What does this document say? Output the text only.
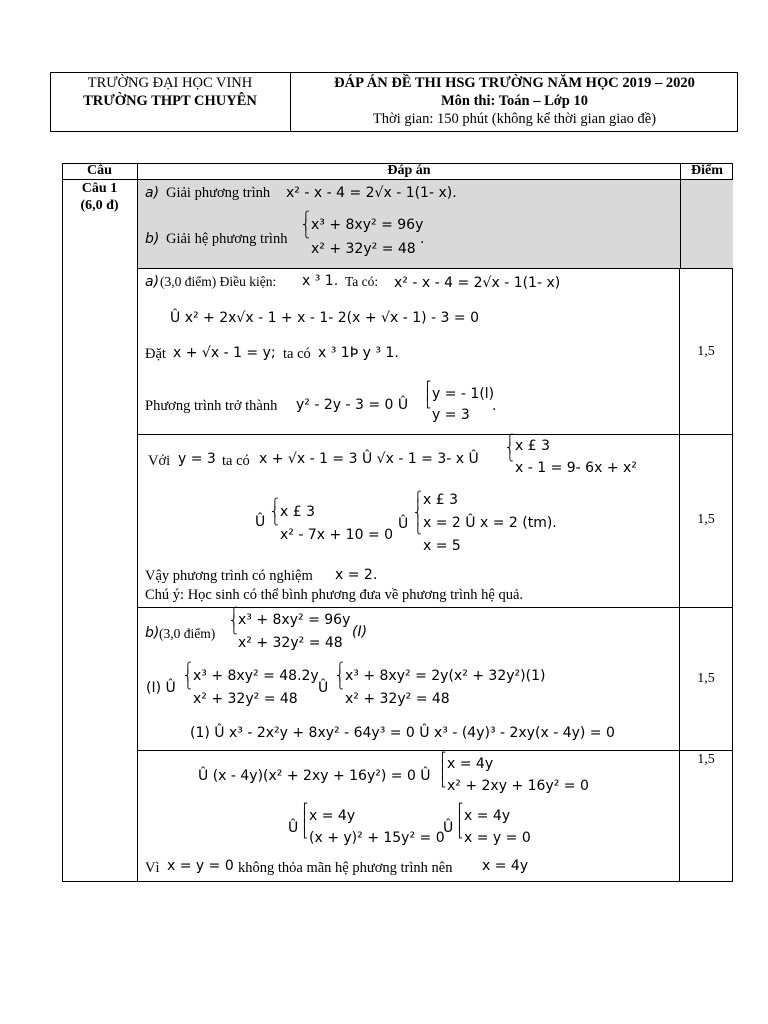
TRƯỜNG ĐẠI HỌC VINH
TRƯỜNG THPT CHUYÊN
ĐÁP ÁN ĐỀ THI HSG TRƯỜNG NĂM HỌC 2019 – 2020
Môn thi: Toán – Lớp 10
Thời gian: 150 phút (không kể thời gian giao đề)
Câu	Đáp án	Điểm
Câu 1
(6,0 đ)
a) Giải phương trình x² - x - 4 = 2√x - 1(1- x).
b) Giải hệ phương trình
⎧
⎨
⎩
x³ + 8xy² = 96y
x² + 32y² = 48
.
a) (3,0 điểm) Điều kiện: x ³ 1. Ta có: x² - x - 4 = 2√x - 1(1- x)
Û x² + 2x√x - 1 + x - 1- 2(x + √x - 1) - 3 = 0
Đặt x + √x - 1 = y; ta có x ³ 1Þ y ³ 1.
Phương trình trở thành y² - 2y - 3 = 0 Û
⎡
⎢
⎣
y = - 1(l)
y = 3
.
Với y = 3 ta có x + √x - 1 = 3 Û √x - 1 = 3- x Û
⎧
⎨
⎩
x £ 3
x - 1 = 9- 6x + x²
Û
⎧
⎨
⎩
x £ 3
x² - 7x + 10 = 0
Û
⎧
⎪
⎨
⎪
⎩
x £ 3
x = 2 Û x = 2 (tm).
x = 5
Vậy phương trình có nghiệm x = 2.
Chú ý: Học sinh có thể bình phương đưa về phương trình hệ quả.
b) (3,0 điểm)
⎧
⎨
⎩
x³ + 8xy² = 96y
x² + 32y² = 48
(I)
(I) Û
⎧
⎨
⎩
x³ + 8xy² = 48.2y
x² + 32y² = 48
Û
⎧
⎨
⎩
x³ + 8xy² = 2y(x² + 32y²)(1)
x² + 32y² = 48
(1) Û x³ - 2x²y + 8xy² - 64y³ = 0 Û x³ - (4y)³ - 2xy(x - 4y) = 0
Û (x - 4y)(x² + 2xy + 16y²) = 0 Û
⎡
⎢
⎢
⎣
x = 4y
x² + 2xy + 16y² = 0
Û
⎡
⎢
⎢
⎣
x = 4y
(x + y)² + 15y² = 0
Û
⎡
⎢
⎢
⎣
x = 4y
x = y = 0
Vì x = y = 0 không thỏa mãn hệ phương trình nên x = 4y
1,5
1,5
1,5
1,5
